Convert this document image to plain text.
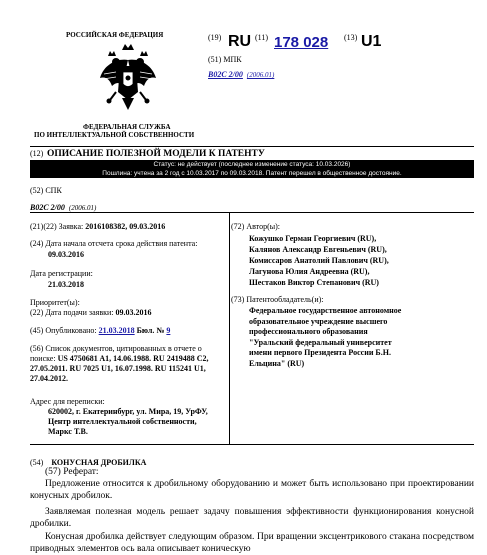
РОССИЙСКАЯ ФЕДЕРАЦИЯ
ФЕДЕРАЛЬНАЯ СЛУЖБА
ПО ИНТЕЛЛЕКТУАЛЬНОЙ СОБСТВЕННОСТИ
(19) RU (11) 178 028 (13) U1
(51) МПК
B02C 2/00 (2006.01)
(12) ОПИСАНИЕ ПОЛЕЗНОЙ МОДЕЛИ К ПАТЕНТУ
Статус: не действует (последнее изменение статуса: 10.03.2026)
Пошлина: учтена за 2 год с 10.03.2017 по 09.03.2018. Патент перешел в общественное достояние.
(52) СПК
B02C 2/00 (2006.01)
(21)(22) Заявка: 2016108382, 09.03.2016
(24) Дата начала отсчета срока действия патента:
09.03.2016
Дата регистрации:
21.03.2018
Приоритет(ы):
(22) Дата подачи заявки: 09.03.2016
(45) Опубликовано: 21.03.2018 Бюл. № 9
(56) Список документов, цитированных в отчете о поиске: US 4750681 A1, 14.06.1988. RU 2419488 C2, 27.05.2011. RU 7025 U1, 16.07.1998. RU 115241 U1, 27.04.2012.
Адрес для переписки:
620002, г. Екатеринбург, ул. Мира, 19, УрФУ, Центр интеллектуальной собственности, Маркс Т.В.
(72) Автор(ы):
Кожушко Герман Георгиевич (RU),
Калянов Александр Евгеньевич (RU),
Комиссаров Анатолий Павлович (RU),
Лагунова Юлия Андреевна (RU),
Шестаков Виктор Степанович (RU)
(73) Патентообладатель(и):
Федеральное государственное автономное образовательное учреждение высшего профессионального образования "Уральский федеральный университет имени первого Президента России Б.Н. Ельцина" (RU)
(54) КОНУСНАЯ ДРОБИЛКА
(57) Реферат:
Предложение относится к дробильному оборудованию и может быть использовано при проектировании конусных дробилок.
Заявляемая полезная модель решает задачу повышения эффективности функционирования конусной дробилки.
Конусная дробилка действует следующим образом. При вращении эксцентрикового стакана посредством приводных элементов ось вала описывает коническую
